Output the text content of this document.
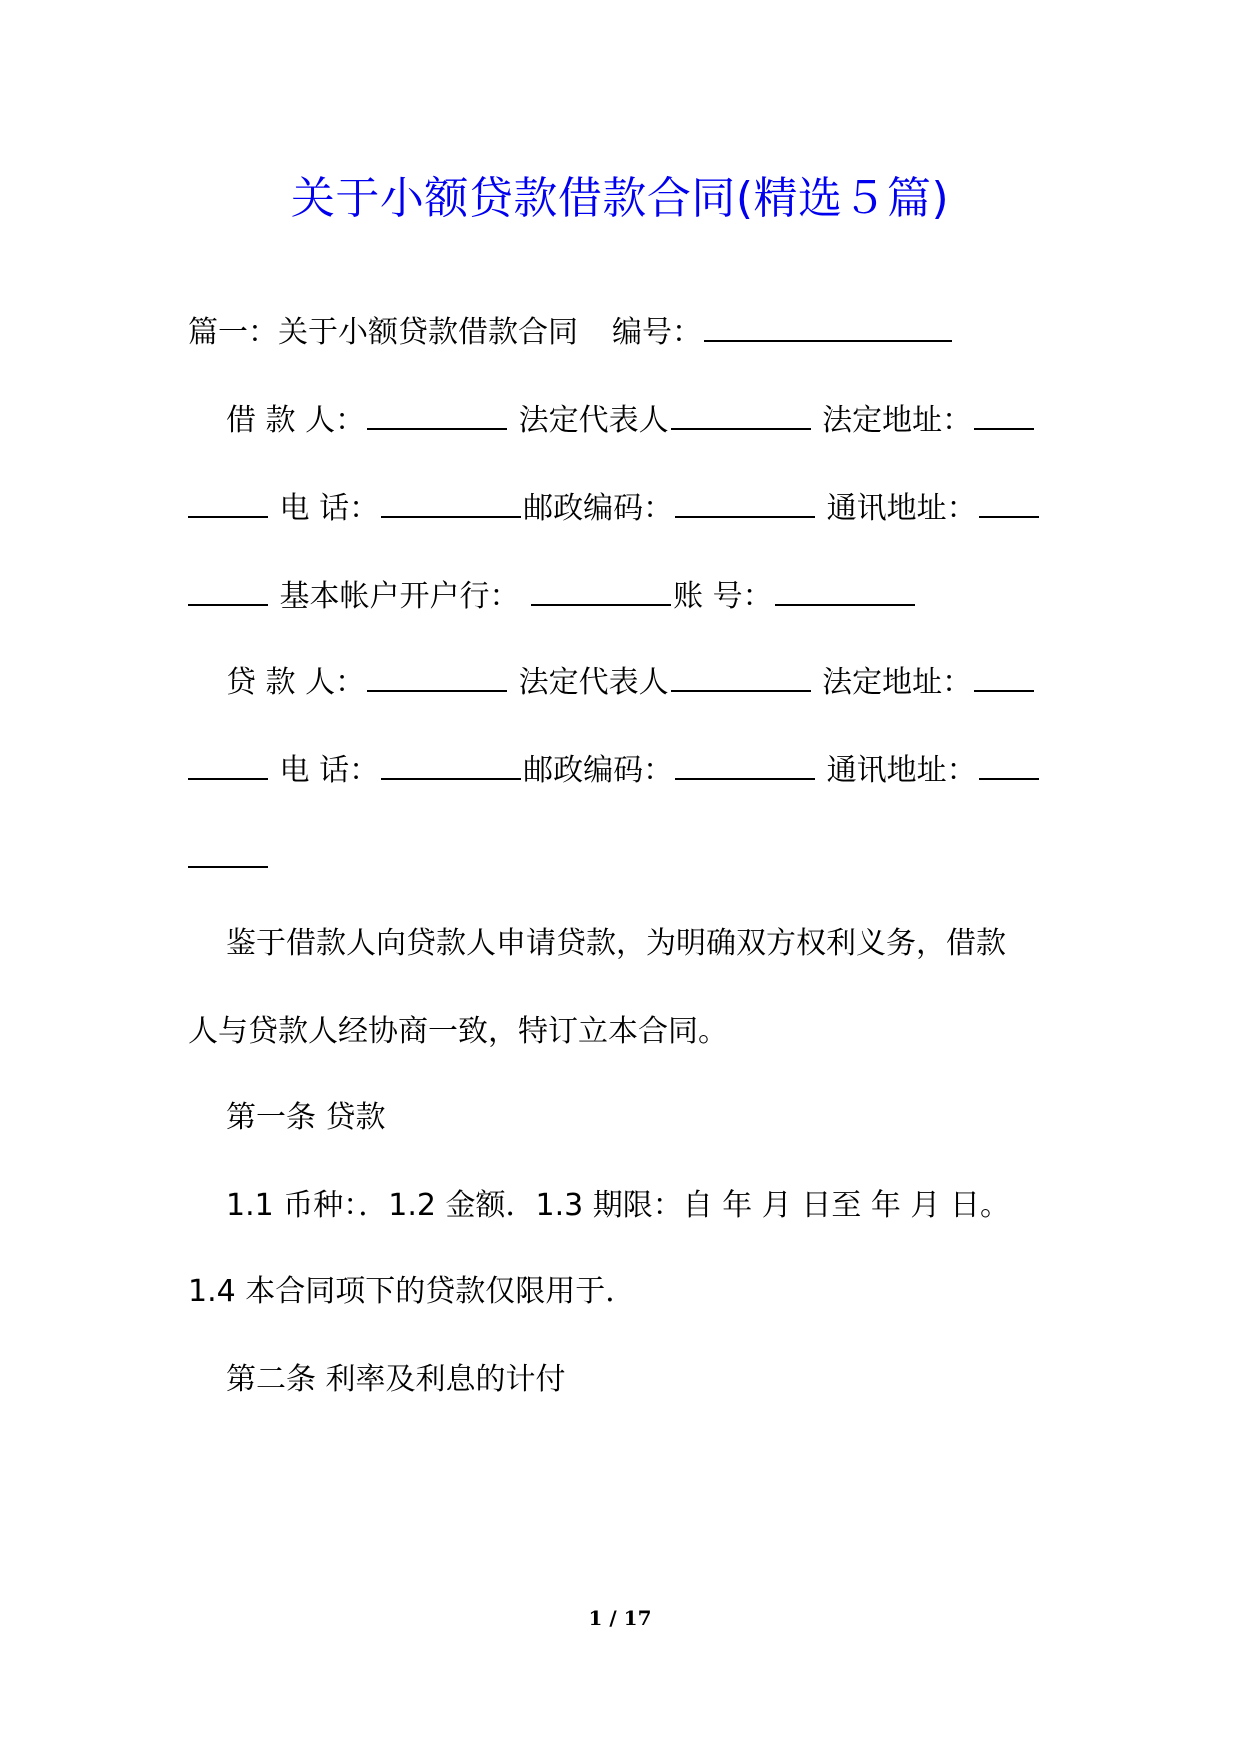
关于小额贷款借款合同(精选５篇)
篇一：关于小额贷款借款合同 编号：
借 款 人：	法定代表人	法定地址：
电 话：	邮政编码：	通讯地址：
基本帐户开户行：	账 号：
贷 款 人：	法定代表人	法定地址：
电 话：	邮政编码：	通讯地址：
鉴于借款人向贷款人申请贷款，为明确双方权利义务，借款
人与贷款人经协商一致，特订立本合同。
第一条 贷款
1.1 币种：．1.2 金额．1.3 期限：自 年 月 日至 年 月 日。
1.4 本合同项下的贷款仅限用于．
第二条 利率及利息的计付
1 / 17
